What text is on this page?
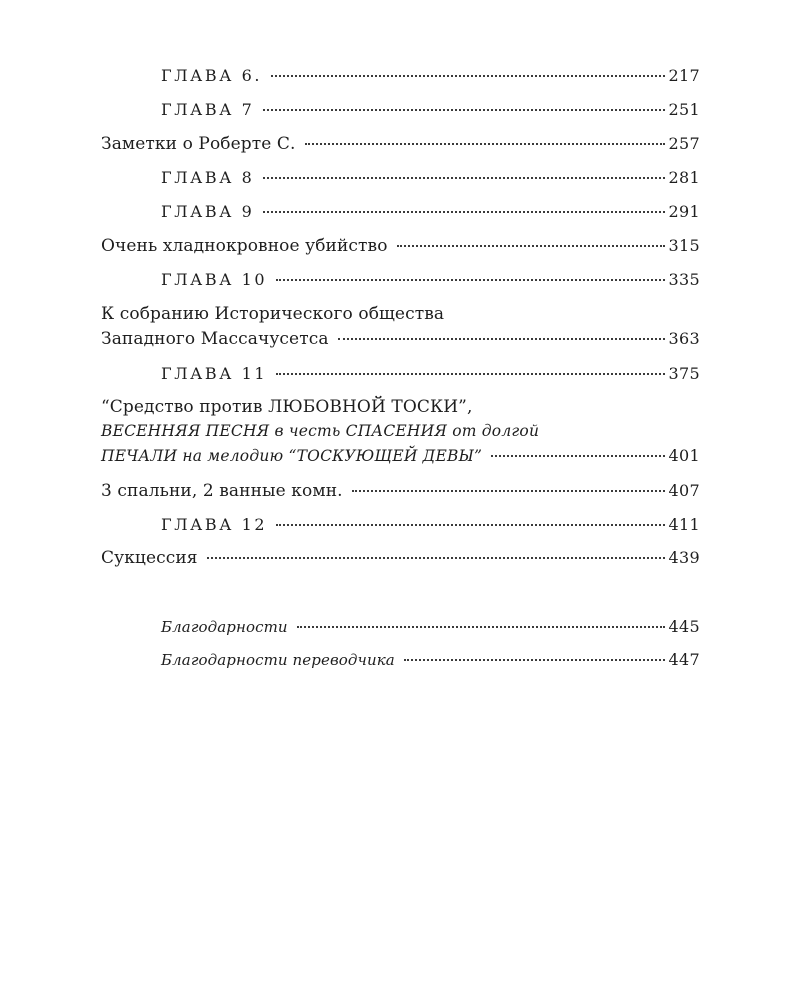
ГЛАВА 6.	217
ГЛАВА 7	251
Заметки о Роберте С.	257
ГЛАВА 8	281
ГЛАВА 9	291
Очень хладнокровное убийство	315
ГЛАВА 10	335
К собранию Исторического общества
Западного Массачусетса	363
ГЛАВА 11	375
“Средство против ЛЮБОВНОЙ ТОСКИ”,
ВЕСЕННЯЯ ПЕСНЯ в честь СПАСЕНИЯ от долгой
ПЕЧАЛИ на мелодию “ТОСКУЮЩЕЙ ДЕВЫ”	401
3 спальни, 2 ванные комн.	407
ГЛАВА 12	411
Сукцессия	439
Благодарности	445
Благодарности переводчика	447
